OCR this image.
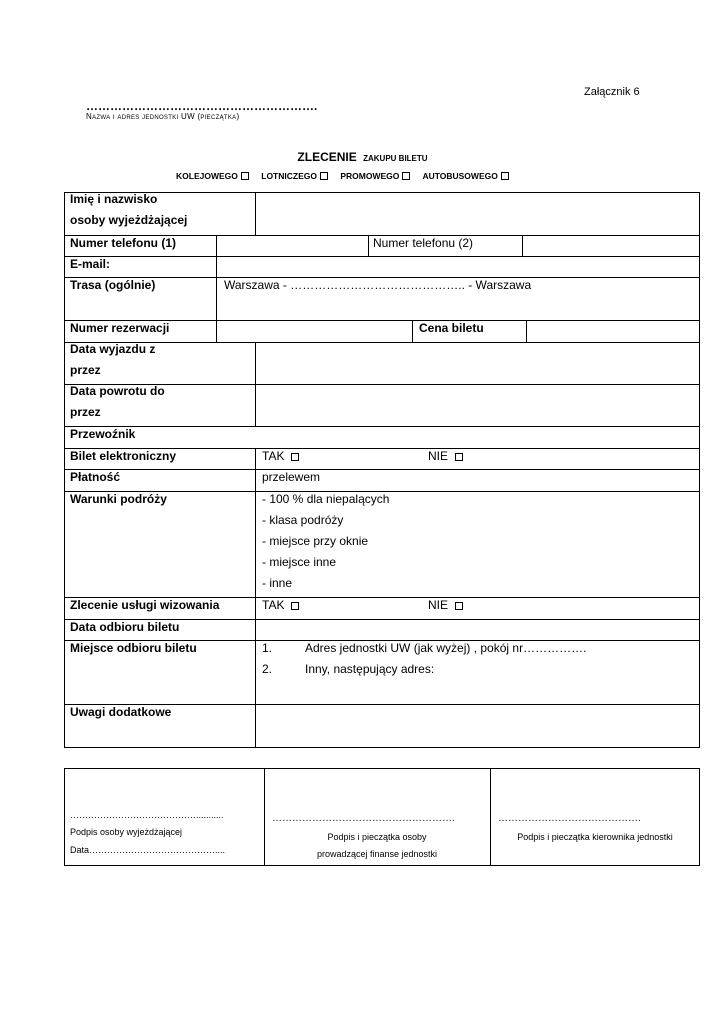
Załącznik 6
………………………………………………….
Nazwa i adres jednostki UW (pieczątka)
ZLECENIE ZAKUPU BILETU
KOLEJOWEGO	LOTNICZEGO	PROMOWEGO	AUTOBUSOWEGO
Imię i nazwisko
osoby wyjeżdżającej
Numer telefonu (1)	Numer telefonu (2)
E-mail:
Trasa (ogólnie)	Warszawa - …………………………………….. - Warszawa
Numer rezerwacji	Cena biletu
Data wyjazdu z
przez
Data powrotu do
przez
Przewoźnik
Bilet elektroniczny	TAK	NIE
Płatność	przelewem
Warunki podróży	- 100 % dla niepalących
- klasa podróży
- miejsce przy oknie
- miejsce inne
- inne
Zlecenie usługi wizowania	TAK	NIE
Data odbioru biletu
Miejsce odbioru biletu	1.	Adres jednostki UW (jak wyżej) , pokój nr…………….
2.	Inny, następujący adres:
Uwagi dodatkowe
……………………………………...........
Podpis osoby wyjeżdżającej
Data……………………………………....
……………………………………………….
Podpis i pieczątka osoby
prowadzącej finanse jednostki
…………………………………….
Podpis i pieczątka kierownika jednostki
